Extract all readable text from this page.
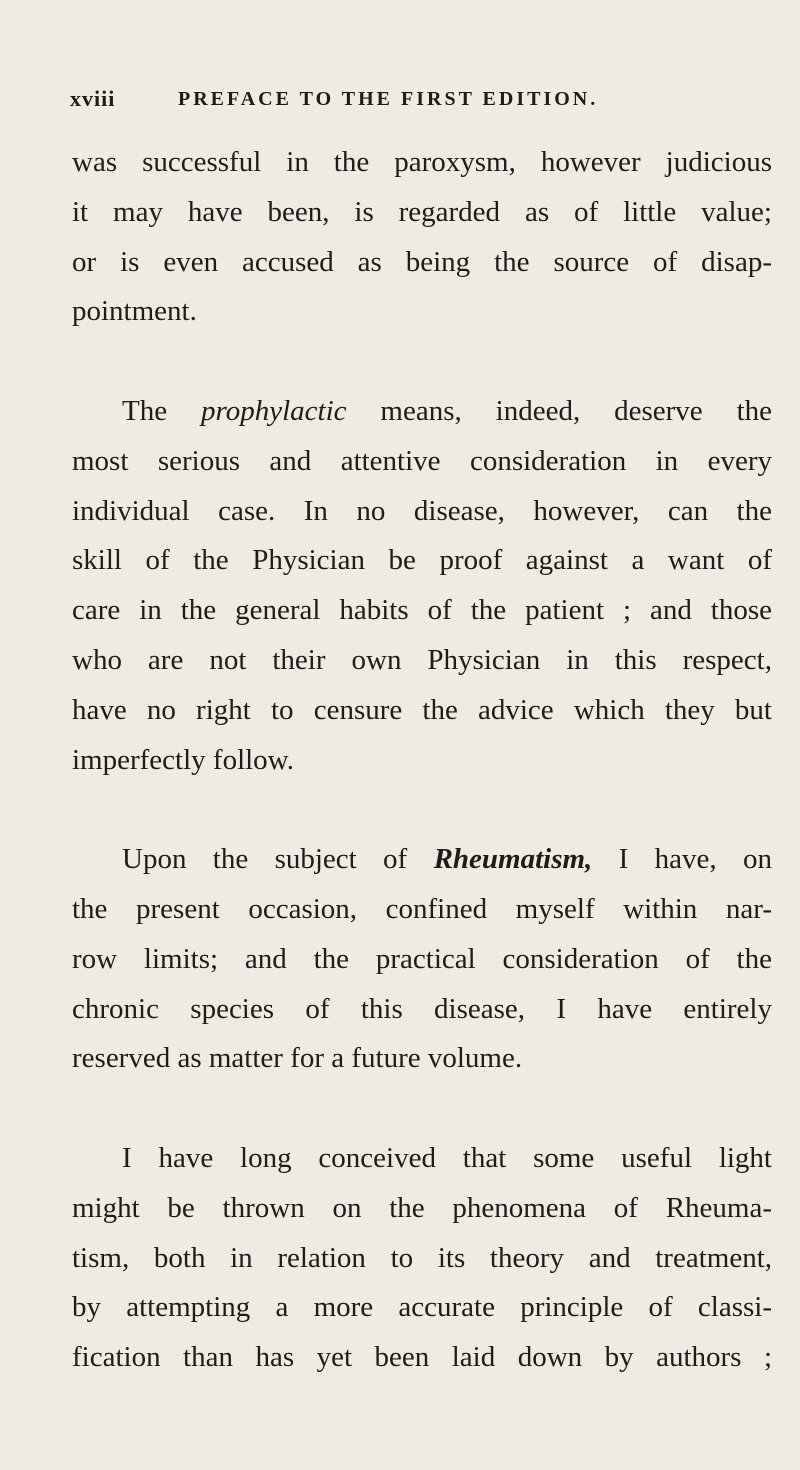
xviii	PREFACE TO THE FIRST EDITION.
was successful in the paroxysm, however judicious
it may have been, is regarded as of little value;
or is even accused as being the source of disap-
pointment.
The prophylactic means, indeed, deserve the
most serious and attentive consideration in every
individual case. In no disease, however, can the
skill of the Physician be proof against a want of
care in the general habits of the patient ; and those
who are not their own Physician in this respect,
have no right to censure the advice which they but
imperfectly follow.
Upon the subject of Rheumatism, I have, on
the present occasion, confined myself within nar-
row limits; and the practical consideration of the
chronic species of this disease, I have entirely
reserved as matter for a future volume.
I have long conceived that some useful light
might be thrown on the phenomena of Rheuma-
tism, both in relation to its theory and treatment,
by attempting a more accurate principle of classi-
fication than has yet been laid down by authors ;
